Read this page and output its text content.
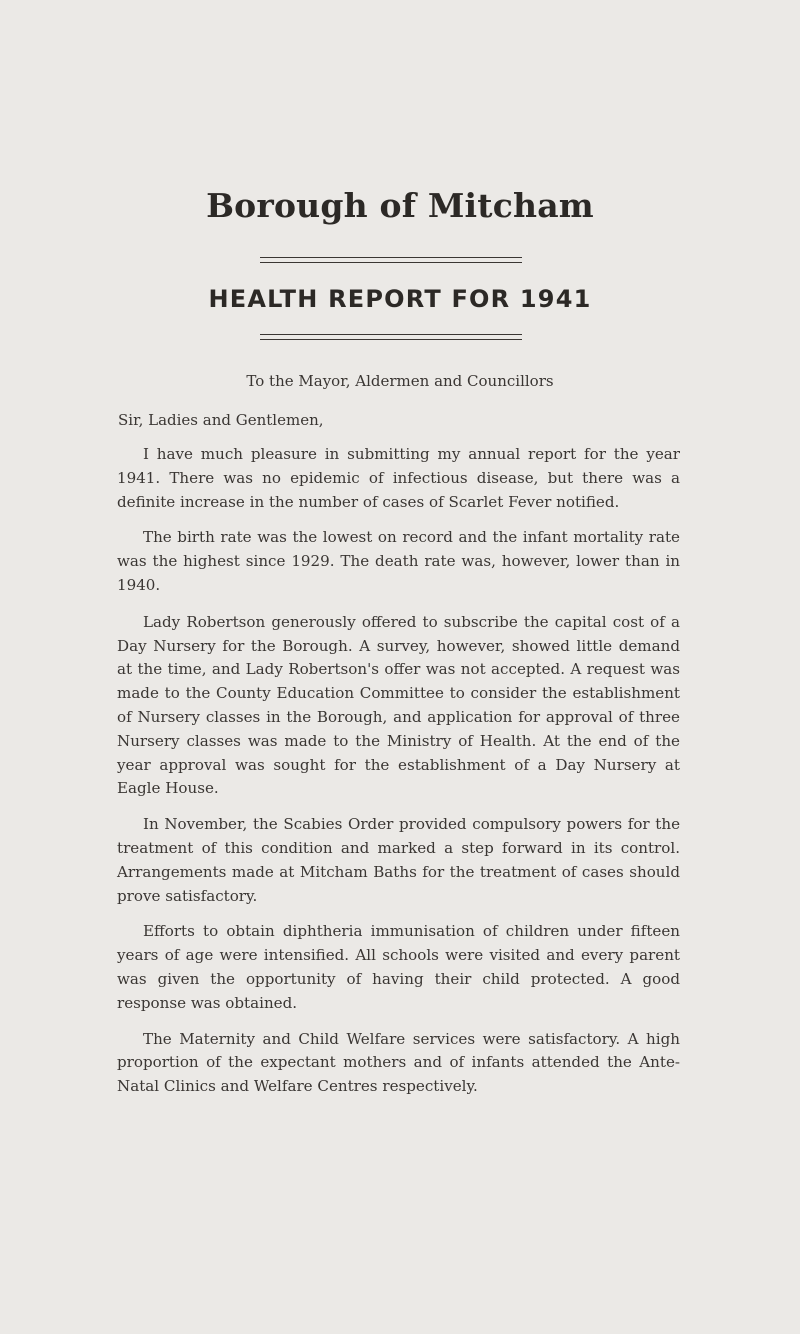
Borough of Mitcham
HEALTH REPORT FOR 1941
To the Mayor, Aldermen and Councillors
Sir, Ladies and Gentlemen,

I have much pleasure in submitting my annual report for the year 1941. There was no epidemic of infectious disease, but there was a definite increase in the number of cases of Scarlet Fever notified.

The birth rate was the lowest on record and the infant mortality rate was the highest since 1929. The death rate was, however, lower than in 1940.

Lady Robertson generously offered to subscribe the capital cost of a Day Nursery for the Borough. A survey, however, showed little demand at the time, and Lady Robertson's offer was not accepted. A request was made to the County Education Committee to consider the establishment of Nursery classes in the Borough, and application for approval of three Nursery classes was made to the Ministry of Health. At the end of the year approval was sought for the establishment of a Day Nursery at Eagle House.

In November, the Scabies Order provided compulsory powers for the treatment of this condition and marked a step forward in its control. Arrangements made at Mitcham Baths for the treatment of cases should prove satisfactory.

Efforts to obtain diphtheria immunisation of children under fifteen years of age were intensified. All schools were visited and every parent was given the opportunity of having their child protected. A good response was obtained.

The Maternity and Child Welfare services were satisfactory. A high proportion of the expectant mothers and of infants attended the Ante-Natal Clinics and Welfare Centres respectively.
